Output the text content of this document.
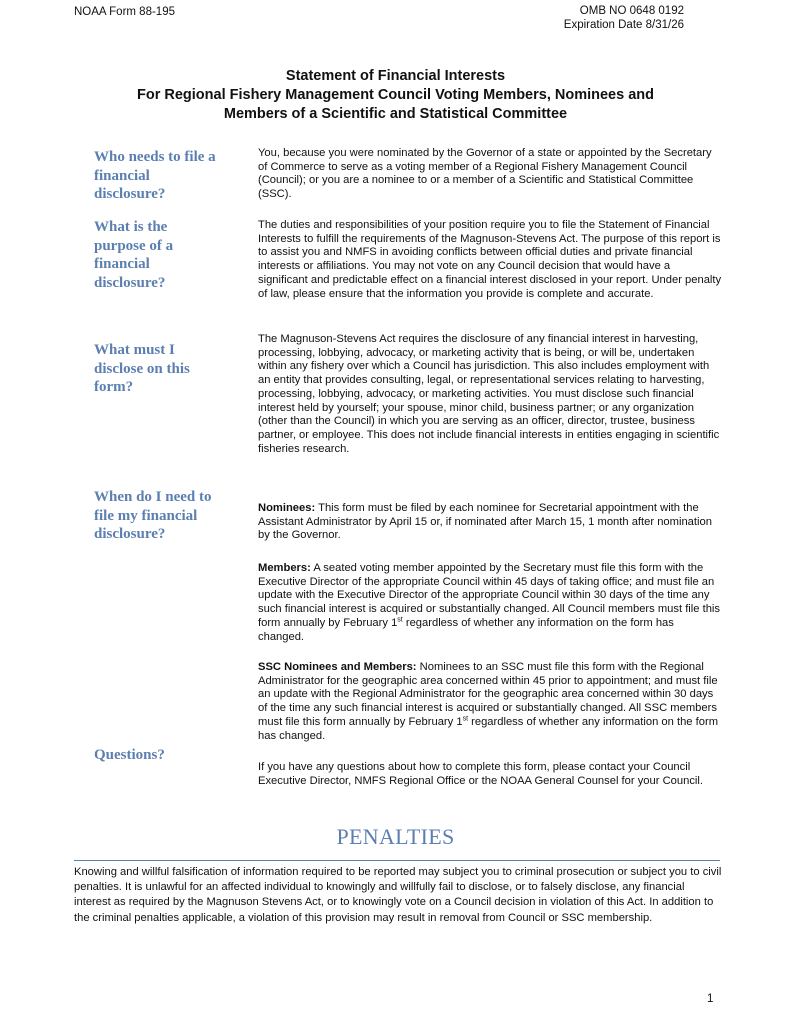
NOAA Form 88-195	OMB NO 0648 0192
Expiration Date 8/31/26
Statement of Financial Interests
For Regional Fishery Management Council Voting Members, Nominees and
Members of a Scientific and Statistical Committee
Who needs to file a financial disclosure?
You, because you were nominated by the Governor of a state or appointed by the Secretary of Commerce to serve as a voting member of a Regional Fishery Management Council (Council); or you are a nominee to or a member of a Scientific and Statistical Committee (SSC).
What is the purpose of a financial disclosure?
The duties and responsibilities of your position require you to file the Statement of Financial Interests to fulfill the requirements of the Magnuson-Stevens Act. The purpose of this report is to assist you and NMFS in avoiding conflicts between official duties and private financial interests or affiliations. You may not vote on any Council decision that would have a significant and predictable effect on a financial interest disclosed in your report. Under penalty of law, please ensure that the information you provide is complete and accurate.
What must I disclose on this form?
The Magnuson-Stevens Act requires the disclosure of any financial interest in harvesting, processing, lobbying, advocacy, or marketing activity that is being, or will be, undertaken within any fishery over which a Council has jurisdiction. This also includes employment with an entity that provides consulting, legal, or representational services relating to harvesting, processing, lobbying, advocacy, or marketing activities. You must disclose such financial interest held by yourself; your spouse, minor child, business partner; or any organization (other than the Council) in which you are serving as an officer, director, trustee, business partner, or employee. This does not include financial interests in entities engaging in scientific fisheries research.
When do I need to file my financial disclosure?
Nominees: This form must be filed by each nominee for Secretarial appointment with the Assistant Administrator by April 15 or, if nominated after March 15, 1 month after nomination by the Governor.
Members: A seated voting member appointed by the Secretary must file this form with the Executive Director of the appropriate Council within 45 days of taking office; and must file an update with the Executive Director of the appropriate Council within 30 days of the time any such financial interest is acquired or substantially changed. All Council members must file this form annually by February 1st regardless of whether any information on the form has changed.
SSC Nominees and Members: Nominees to an SSC must file this form with the Regional Administrator for the geographic area concerned within 45 prior to appointment; and must file an update with the Regional Administrator for the geographic area concerned within 30 days of the time any such financial interest is acquired or substantially changed. All SSC members must file this form annually by February 1st regardless of whether any information on the form has changed.
Questions?
If you have any questions about how to complete this form, please contact your Council Executive Director, NMFS Regional Office or the NOAA General Counsel for your Council.
PENALTIES
Knowing and willful falsification of information required to be reported may subject you to criminal prosecution or subject you to civil penalties. It is unlawful for an affected individual to knowingly and willfully fail to disclose, or to falsely disclose, any financial interest as required by the Magnuson Stevens Act, or to knowingly vote on a Council decision in violation of this Act. In addition to the criminal penalties applicable, a violation of this provision may result in removal from Council or SSC membership.
1
